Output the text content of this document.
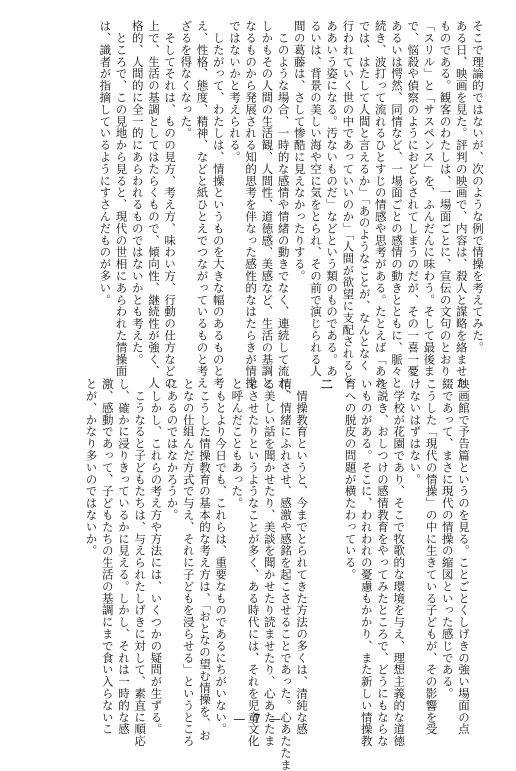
そこで理論的ではないが、次のような例で情操を考えてみた。

ある日、映画を見た。評判の映画で、内容は、殺人と謀略を絡ませた

ものである。観客のわたしは、一場面ごとに、宣伝の文句のとおり

「スリル」と「サスペンス」を、ふんだんに味わう。そして最後ま

で、悩殺や偵察のようにおどらされてしまうのだが、その一喜一憂

あるいは愕然、同情など、一場面ごとの感情の動きとともに、脈々と

続き、波打って流れるひとすじの情感や思考がある。たとえば「あれ

では、はたして人間と言えるか」「あのようなことが、なんとなく

行われていく世の中であっていいのか」「人間が欲望に支配されると

ああいう姿になる。汚ないものだ」などという類のものである。あ

るいは、背景の美しい海や空に気をとられ、その前で演じられる人

間の葛藤は、さして惨酷に見えなかったりする。

　このような場合、一時的な感情や情緒の動きでなく、連続して流れ、

しかもその人間の生活観、人間性、道徳感、美感など、生活の基調と

なるものから発展される知的思考を伴なった感性的なはたらきが情操

ではないかと考えられる。

　したがって、わたしは、情操というものを大きな幅のあるものと考

え、性格、態度、精神、などと紙ひとえでつながっているものと考え

ざるを得なくなった。

　そしてそれは、ものの見方、考え方、味わい方、行動の仕方などの

上で、生活の基調としてはたらくもので、傾向性、継続性が強く、人

格的、人間的に全一的にあらわれるものではないかとも考えた。

　ところで、この見地から見ると、現代の世相にあらわれた情操面

は、識者が指摘しているようにすさんだものが多い。

映画館で予告篇というのを見る。ことごとくしげきの強い場面の点

綴であって、まさに現代の情操の縮図といった感じである。

こうした「現代の情操」の中に生きている子どもが、その影響を受

けないはずはない。

　学校が花園であり、そこで牧歌的な環境を与え、理想主義的な道徳

を説き、おしつけの感情教育をやってみたところで、どうにもならな

いものがある。そこに、われわれの憂慮もかかり、また新しい情操教

育への脱皮の問題が横たわっている。

二

　情操教育というと、今までとられてきた方法の多くは、清純な感

情、情緒にふれさせ、感激や感銘を起こさせることであった。心あたたま

る美しい話を聞かせたり、美談を聞かせたり読ませたり、心あたたま

じさせたりというようなことが多く、ある時代には、それを児童文化

と呼んだこともあった。

　もとより今日でも、これらは、重要なものであるにちがいない。

　こうした情操教育の基本的な考え方は、「おとなの望む情操を、お

となの仕組んだ方式で与え、それに子どもを浸らせる」というところ

にあるのではなかろうか。

　しかし、これらの考え方や方法には、いくつかの疑問が生ずる。

　こうなると子どもたちは、与えられたしげきに対して、素直に順応

し、確かに浸りきっているかに見える。しかし、それは一時的な感

激、感動であって、子どもたちの生活の基調にまで食い入らないこ

とが、かなり多いのではないか。

— 7 —
